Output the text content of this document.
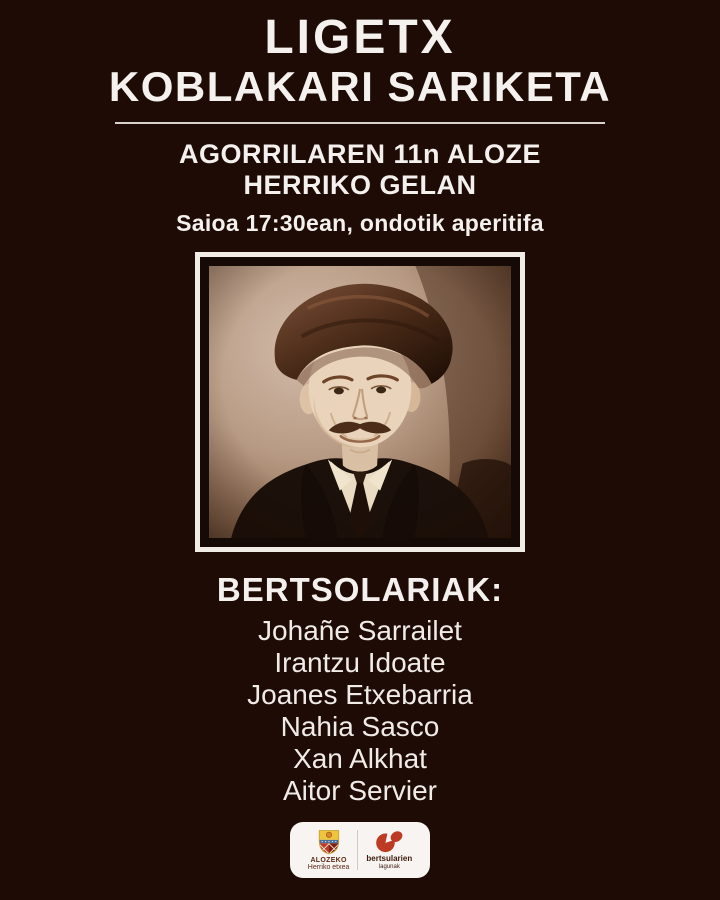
LIGETX
KOBLAKARI SARIKETA
AGORRILAREN 11n ALOZE
HERRIKO GELAN
Saioa 17:30ean, ondotik aperitifa
BERTSOLARIAK:
Johañe Sarrailet
Irantzu Idoate
Joanes Etxebarria
Nahia Sasco
Xan Alkhat
Aitor Servier
ALOZEKO
Herriko etxea
bertsularien
lagunak
